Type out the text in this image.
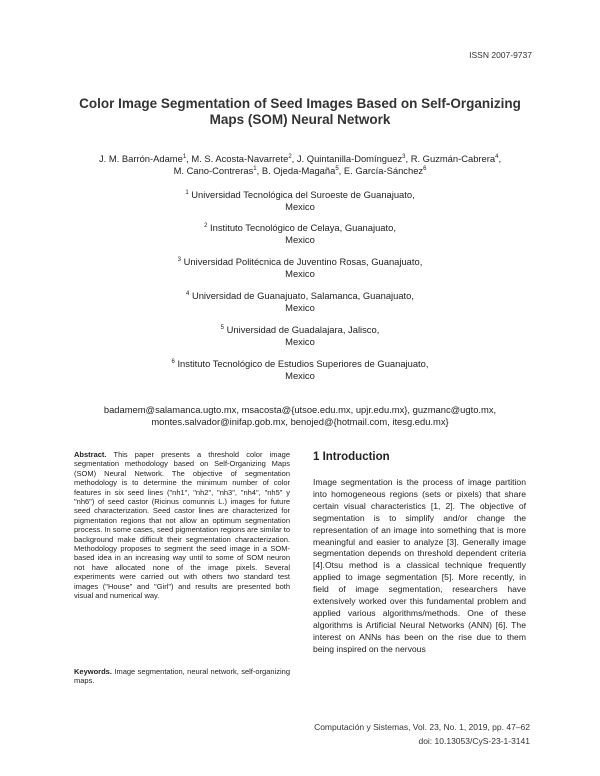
ISSN 2007-9737
Color Image Segmentation of Seed Images Based on Self-Organizing Maps (SOM) Neural Network
J. M. Barrón-Adame$^1$, M. S. Acosta-Navarrete$^2$, J. Quintanilla-Domínguez$^3$, R. Guzmán-Cabrera$^4$,
M. Cano-Contreras$^1$, B. Ojeda-Magaña$^5$, E. García-Sánchez$^6$
$^1$ Universidad Tecnológica del Suroeste de Guanajuato,
Mexico
$^2$ Instituto Tecnológico de Celaya, Guanajuato,
Mexico
$^3$ Universidad Politécnica de Juventino Rosas, Guanajuato,
Mexico
$^4$ Universidad de Guanajuato, Salamanca, Guanajuato,
Mexico
$^5$ Universidad de Guadalajara, Jalisco,
Mexico
$^6$ Instituto Tecnológico de Estudios Superiores de Guanajuato,
Mexico
badamem@salamanca.ugto.mx, msacosta@{utsoe.edu.mx, upjr.edu.mx}, guzmanc@ugto.mx,
montes.salvador@inifap.gob.mx, benojed@{hotmail.com, itesg.edu.mx}
Abstract. This paper presents a threshold color image segmentation methodology based on Self-Organizing Maps (SOM) Neural Network. The objective of segmentation methodology is to determine the minimum number of color features in six seed lines ("nh1", "nh2", "nh3", "nh4", "nh5" y "nh6") of seed castor (Ricinus comunnis L.) images for future seed characterization. Seed castor lines are characterized for pigmentation regions that not allow an optimum segmentation process. In some cases, seed pigmentation regions are similar to background make difficult their segmentation characterization. Methodology proposes to segment the seed image in a SOM-based idea in an increasing way until to some of SOM neuron not have allocated none of the image pixels. Several experiments were carried out with others two standard test images ("House" and "Girl") and results are presented both visual and numerical way.
Keywords. Image segmentation, neural network, self-organizing maps.
1 Introduction
Image segmentation is the process of image partition into homogeneous regions (sets or pixels) that share certain visual characteristics [1, 2]. The objective of segmentation is to simplify and/or change the representation of an image into something that is more meaningful and easier to analyze [3]. Generally image segmentation depends on threshold dependent criteria [4].Otsu method is a classical technique frequently applied to image segmentation [5]. More recently, in field of image segmentation, researchers have extensively worked over this fundamental problem and applied various algorithms/methods. One of these algorithms is Artificial Neural Networks (ANN) [6]. The interest on ANNs has been on the rise due to them being inspired on the nervous
Computación y Sistemas, Vol. 23, No. 1, 2019, pp. 47–62
doi: 10.13053/CyS-23-1-3141
